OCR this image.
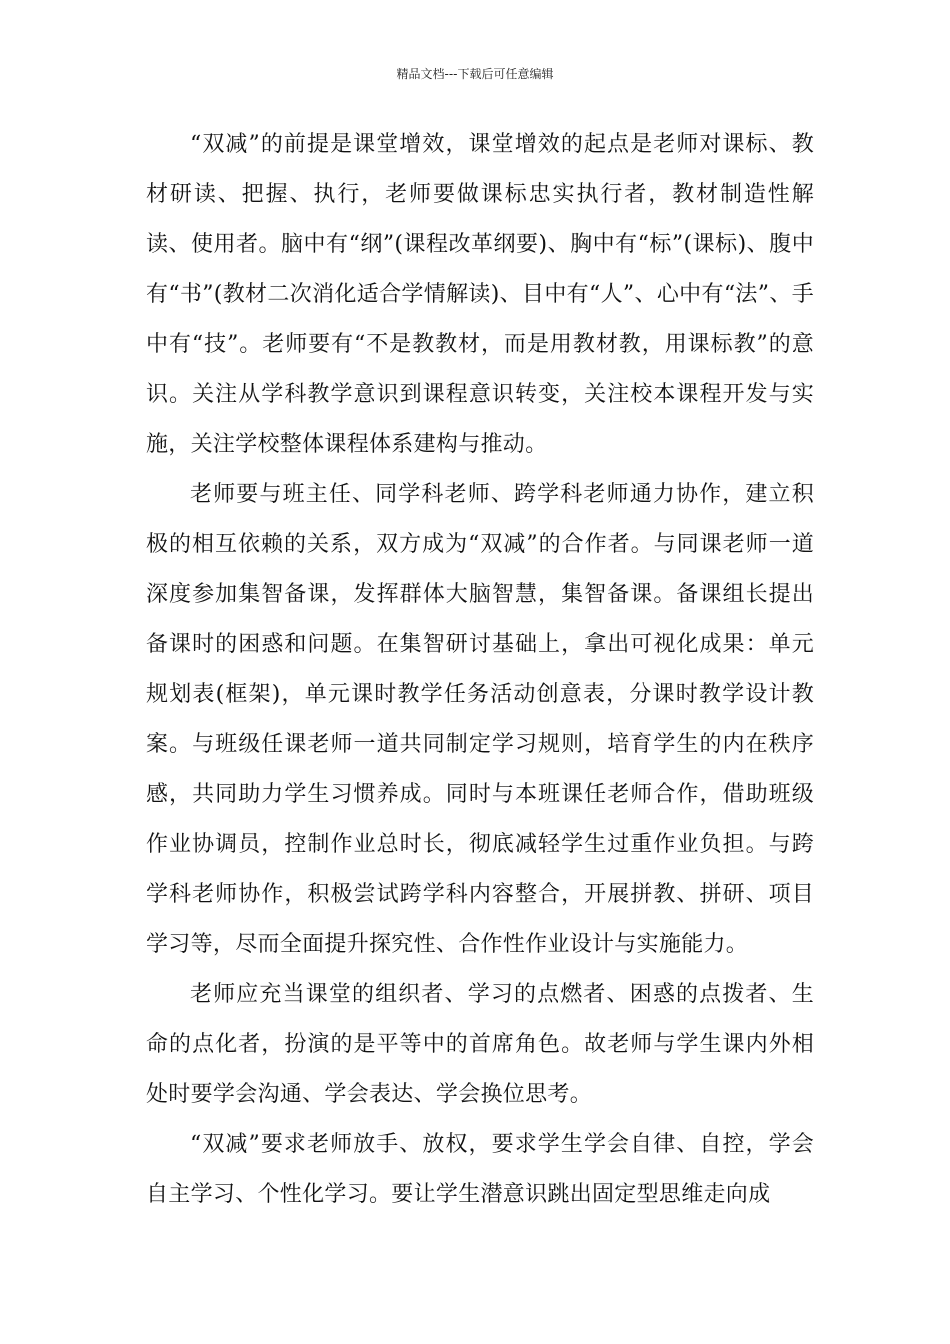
精品文档---下载后可任意编辑

“双减”的前提是课堂增效，课堂增效的起点是老师对课标、教材研读、把握、执行，老师要做课标忠实执行者，教材制造性解读、使用者。脑中有“纲”(课程改革纲要)、胸中有“标”(课标)、腹中有“书”(教材二次消化适合学情解读)、目中有“人”、心中有“法”、手中有“技”。老师要有“不是教教材，而是用教材教，用课标教”的意识。关注从学科教学意识到课程意识转变，关注校本课程开发与实施，关注学校整体课程体系建构与推动。

老师要与班主任、同学科老师、跨学科老师通力协作，建立积极的相互依赖的关系，双方成为“双减”的合作者。与同课老师一道深度参加集智备课，发挥群体大脑智慧，集智备课。备课组长提出备课时的困惑和问题。在集智研讨基础上，拿出可视化成果：单元规划表(框架)，单元课时教学任务活动创意表，分课时教学设计教案。与班级任课老师一道共同制定学习规则，培育学生的内在秩序感，共同助力学生习惯养成。同时与本班课任老师合作，借助班级作业协调员，控制作业总时长，彻底减轻学生过重作业负担。与跨学科老师协作，积极尝试跨学科内容整合，开展拼教、拼研、项目学习等，尽而全面提升探究性、合作性作业设计与实施能力。

老师应充当课堂的组织者、学习的点燃者、困惑的点拨者、生命的点化者，扮演的是平等中的首席角色。故老师与学生课内外相处时要学会沟通、学会表达、学会换位思考。

“双减”要求老师放手、放权，要求学生学会自律、自控，学会自主学习、个性化学习。要让学生潜意识跳出固定型思维走向成
